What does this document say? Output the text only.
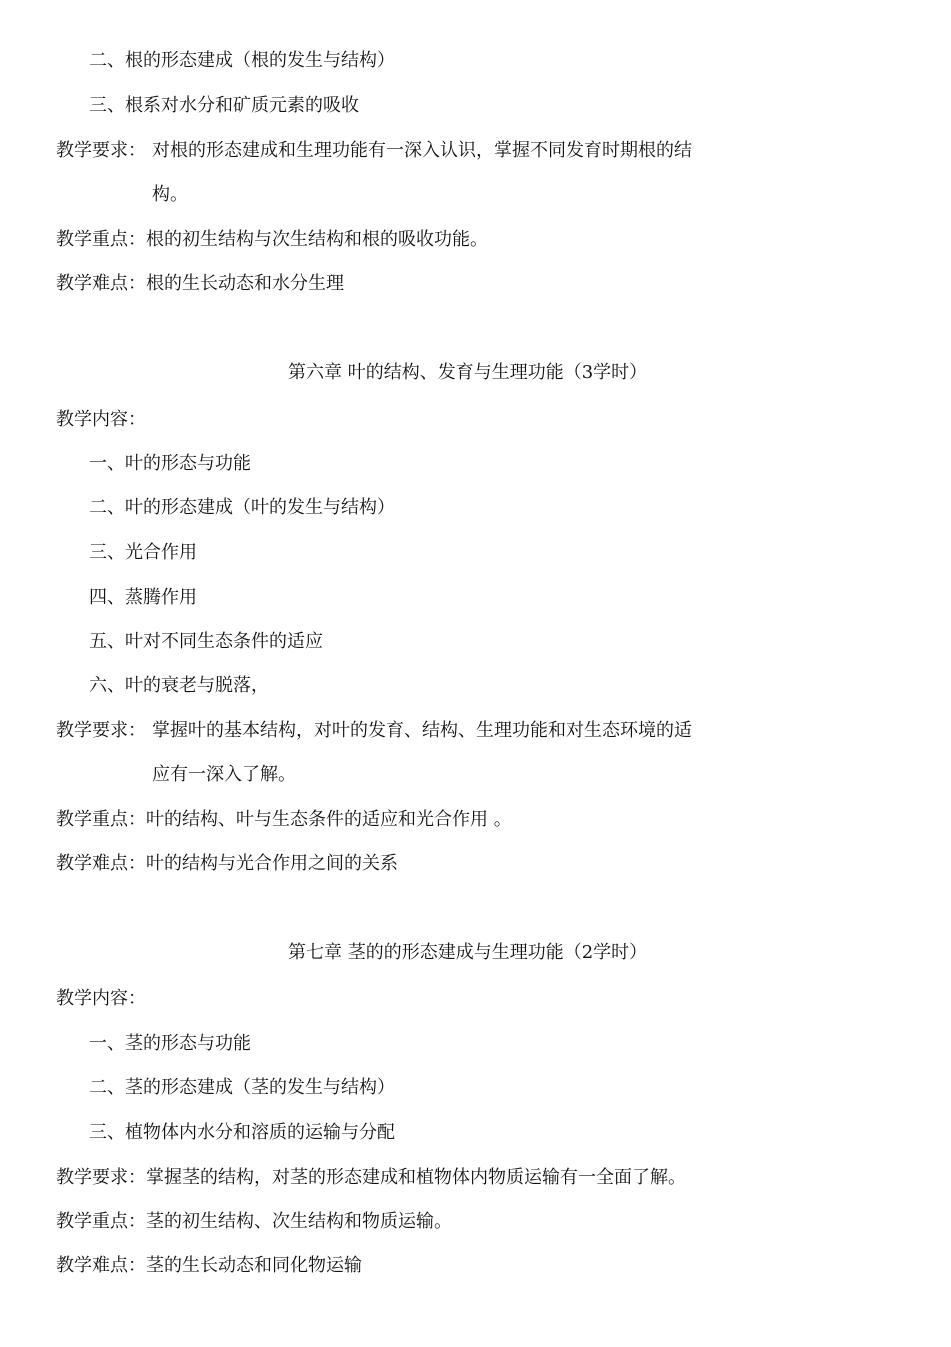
二、根的形态建成（根的发生与结构）
三、根系对水分和矿质元素的吸收
教学要求： 对根的形态建成和生理功能有一深入认识，掌握不同发育时期根的结
构。
教学重点：根的初生结构与次生结构和根的吸收功能。
教学难点：根的生长动态和水分生理
第六章 叶的结构、发育与生理功能（3学时）
教学内容：
一、叶的形态与功能
二、叶的形态建成（叶的发生与结构）
三、光合作用
四、蒸腾作用
五、叶对不同生态条件的适应
六、叶的衰老与脱落，
教学要求： 掌握叶的基本结构，对叶的发育、结构、生理功能和对生态环境的适
应有一深入了解。
教学重点：叶的结构、叶与生态条件的适应和光合作用 。
教学难点：叶的结构与光合作用之间的关系
第七章 茎的的形态建成与生理功能（2学时）
教学内容：
一、茎的形态与功能
二、茎的形态建成（茎的发生与结构）
三、植物体内水分和溶质的运输与分配
教学要求：掌握茎的结构，对茎的形态建成和植物体内物质运输有一全面了解。
教学重点：茎的初生结构、次生结构和物质运输。
教学难点：茎的生长动态和同化物运输
